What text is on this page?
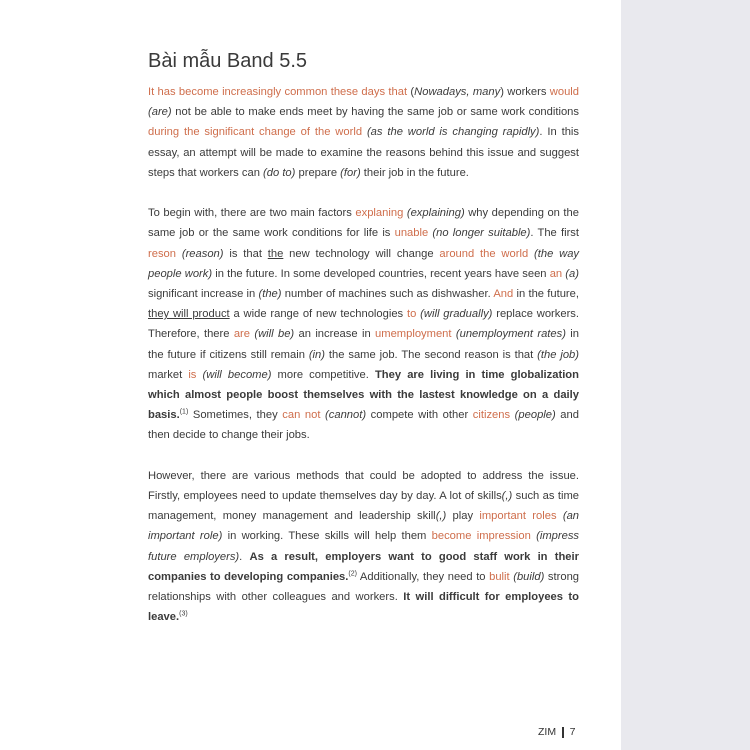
Bài mẫu Band 5.5

It has become increasingly common these days that (Nowadays, many) workers would (are) not be able to make ends meet by having the same job or same work conditions during the significant change of the world (as the world is changing rapidly). In this essay, an attempt will be made to examine the reasons behind this issue and suggest steps that workers can (do to) prepare (for) their job in the future.

To begin with, there are two main factors explaning (explaining) why depending on the same job or the same work conditions for life is unable (no longer suitable). The first reson (reason) is that the new technology will change around the world (the way people work) in the future. In some developed countries, recent years have seen an (a) significant increase in (the) number of machines such as dishwasher. And in the future, they will product a wide range of new technologies to (will gradually) replace workers. Therefore, there are (will be) an increase in umemployment (unemployment rates) in the future if citizens still remain (in) the same job. The second reason is that (the job) market is (will become) more competitive. They are living in time globalization which almost people boost themselves with the lastest knowledge on a daily basis.$^{(1)}$ Sometimes, they can not (cannot) compete with other citizens (people) and then decide to change their jobs.

However, there are various methods that could be adopted to address the issue. Firstly, employees need to update themselves day by day. A lot of skills(,) such as time management, money management and leadership skill(,) play important roles (an important role) in working. These skills will help them become impression (impress future employers). As a result, employers want to good staff work in their companies to developing companies.$^{(2)}$ Additionally, they need to bulit (build) strong relationships with other colleagues and workers. It will difficult for employees to leave.$^{(3)}$

ZIM 7
